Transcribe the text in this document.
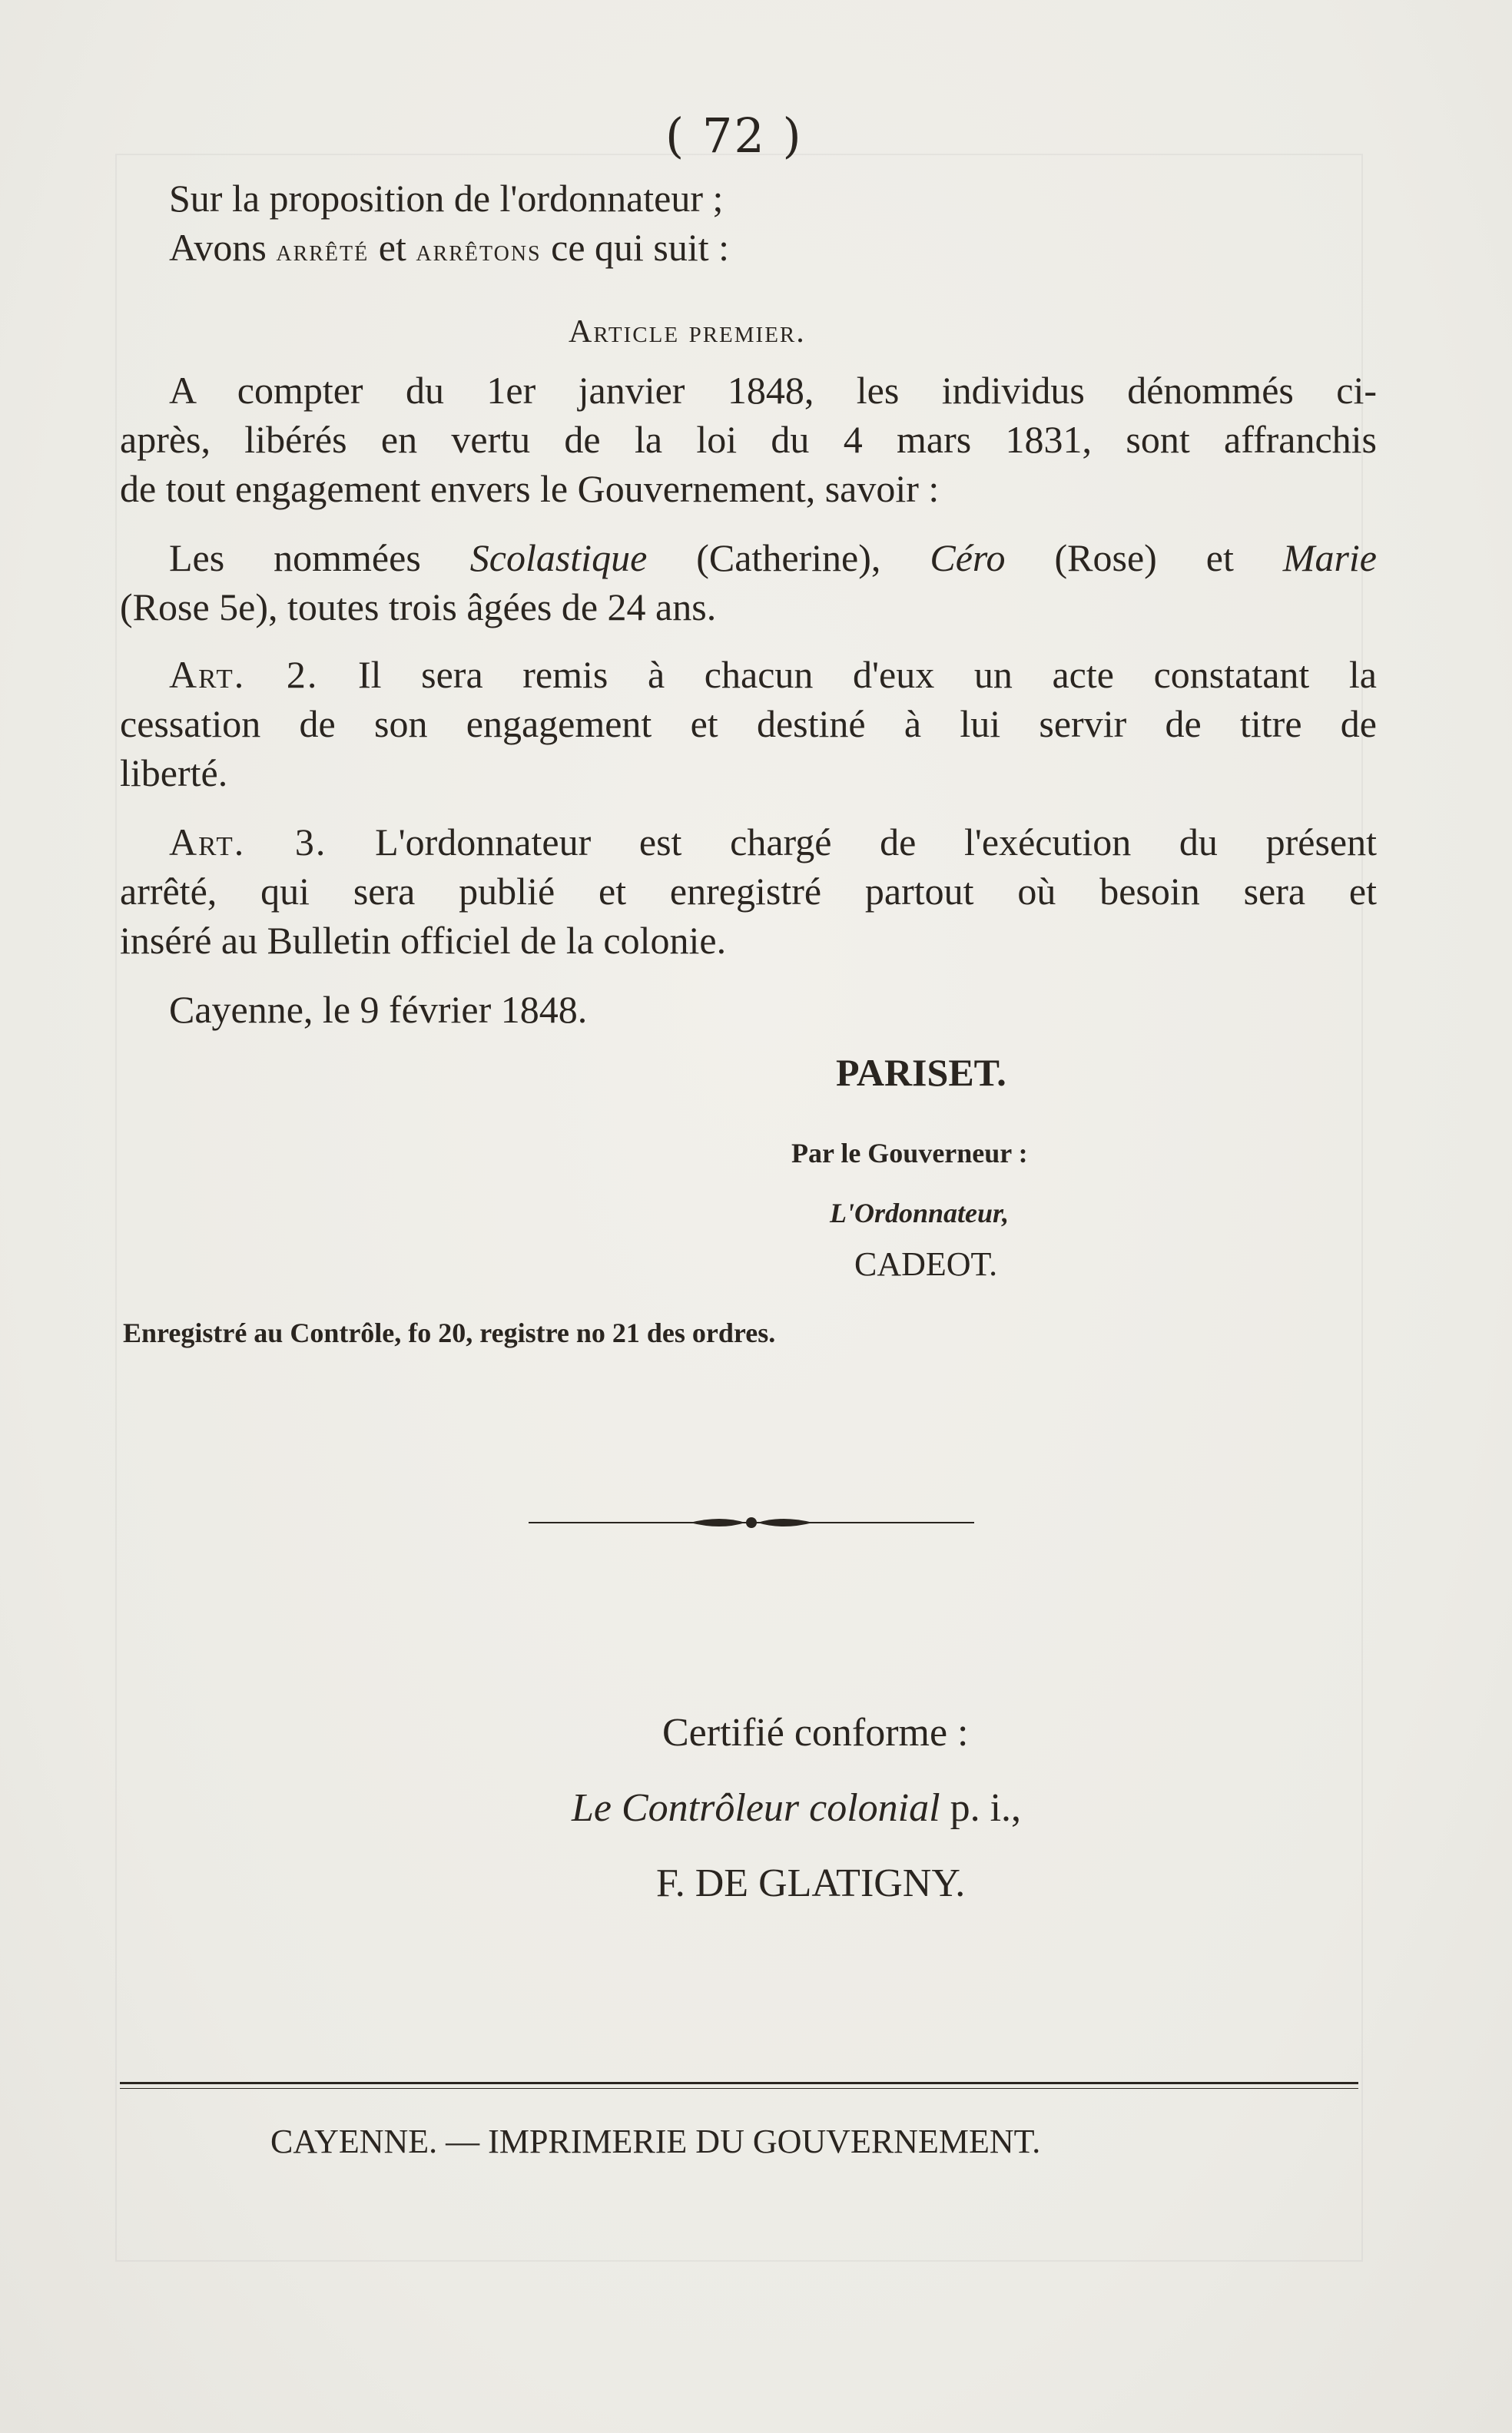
( 72 )
Sur la proposition de l'ordonnateur ;
Avons arrêté et arrêtons ce qui suit :
Article premier.
A compter du 1er janvier 1848, les individus dénommés ci-
après, libérés en vertu de la loi du 4 mars 1831, sont affranchis
de tout engagement envers le Gouvernement, savoir :
Les nommées Scolastique (Catherine), Céro (Rose) et Marie
(Rose 5e), toutes trois âgées de 24 ans.
Art. 2. Il sera remis à chacun d'eux un acte constatant la
cessation de son engagement et destiné à lui servir de titre de
liberté.
Art. 3. L'ordonnateur est chargé de l'exécution du présent
arrêté, qui sera publié et enregistré partout où besoin sera et
inséré au Bulletin officiel de la colonie.
Cayenne, le 9 février 1848.
PARISET.
Par le Gouverneur :
L'Ordonnateur,
CADEOT.
Enregistré au Contrôle, fo 20, registre no 21 des ordres.
Certifié conforme :
Le Contrôleur colonial p. i.,
F. DE GLATIGNY.
CAYENNE. — IMPRIMERIE DU GOUVERNEMENT.
